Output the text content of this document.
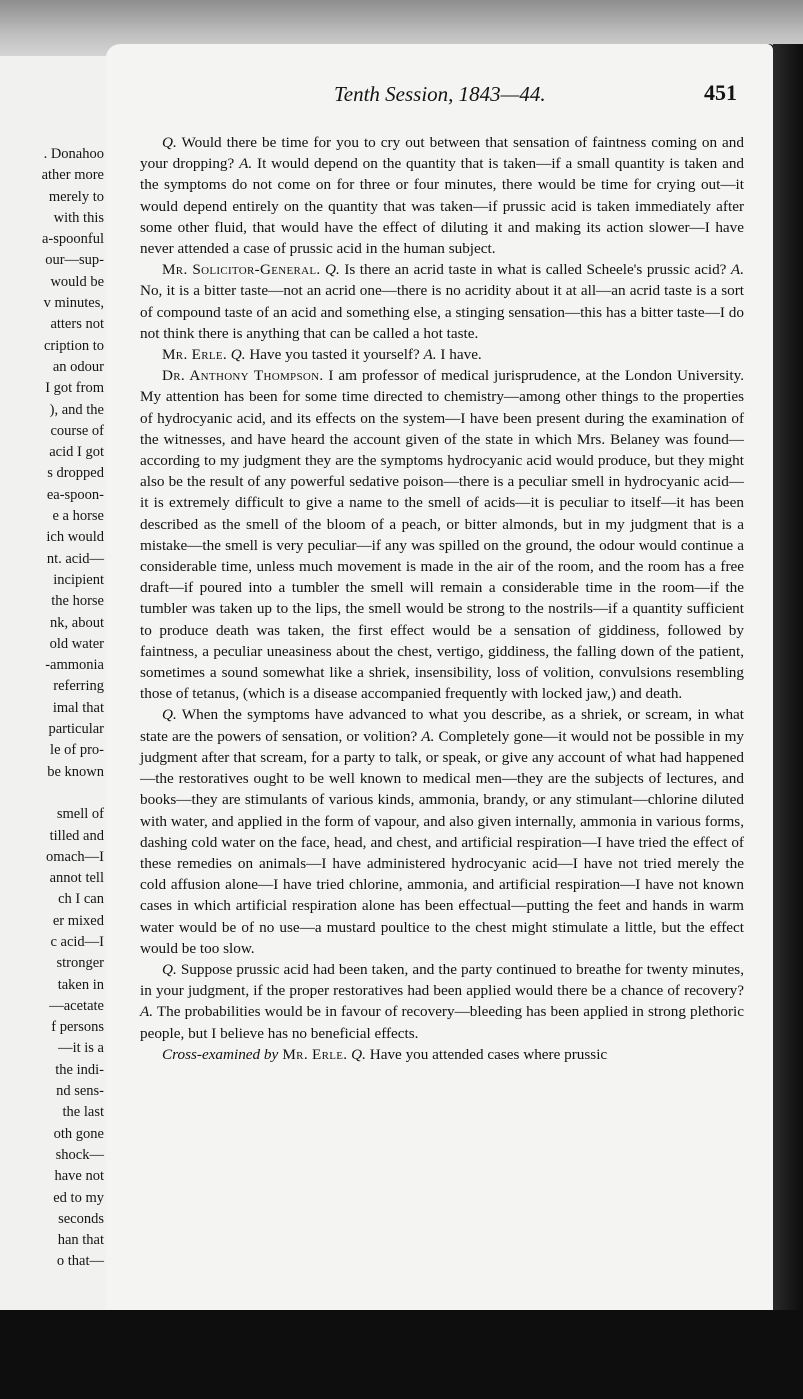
. Donahoo
ather more
merely to
with this
a-spoonful
our—sup-
would be
v minutes,
atters not
cription to
an odour
I got from
), and the
course of
acid I got
s dropped
ea-spoon-
e a horse
ich would
nt. acid—
incipient
the horse
nk, about
old water
-ammonia
referring
imal that
particular
le of pro-
be known
smell of
tilled and
omach—I
annot tell
ch I can
er mixed
c acid—I
stronger
taken in
—acetate
f persons
—it is a
the indi-
nd sens-
the last
oth gone
shock—
have not
ed to my
seconds
han that
o that—
Tenth Session, 1843—44.	451

Q. Would there be time for you to cry out between that sensation of faintness coming on and your dropping? A. It would depend on the quantity that is taken—if a small quantity is taken and the symptoms do not come on for three or four minutes, there would be time for crying out—it would depend entirely on the quantity that was taken—if prussic acid is taken immediately after some other fluid, that would have the effect of diluting it and making its action slower—I have never attended a case of prussic acid in the human subject.

Mr. Solicitor-General. Q. Is there an acrid taste in what is called Scheele's prussic acid? A. No, it is a bitter taste—not an acrid one—there is no acridity about it at all—an acrid taste is a sort of compound taste of an acid and something else, a stinging sensation—this has a bitter taste—I do not think there is anything that can be called a hot taste.

Mr. Erle. Q. Have you tasted it yourself? A. I have.

Dr. Anthony Thompson. I am professor of medical jurisprudence, at the London University. My attention has been for some time directed to chemistry—among other things to the properties of hydrocyanic acid, and its effects on the system—I have been present during the examination of the witnesses, and have heard the account given of the state in which Mrs. Belaney was found—according to my judgment they are the symptoms hydrocyanic acid would produce, but they might also be the result of any powerful sedative poison—there is a peculiar smell in hydrocyanic acid—it is extremely difficult to give a name to the smell of acids—it is peculiar to itself—it has been described as the smell of the bloom of a peach, or bitter almonds, but in my judgment that is a mistake—the smell is very peculiar—if any was spilled on the ground, the odour would continue a considerable time, unless much movement is made in the air of the room, and the room has a free draft—if poured into a tumbler the smell will remain a considerable time in the room—if the tumbler was taken up to the lips, the smell would be strong to the nostrils—if a quantity sufficient to produce death was taken, the first effect would be a sensation of giddiness, followed by faintness, a peculiar uneasiness about the chest, vertigo, giddiness, the falling down of the patient, sometimes a sound somewhat like a shriek, insensibility, loss of volition, convulsions resembling those of tetanus, (which is a disease accompanied frequently with locked jaw,) and death.

Q. When the symptoms have advanced to what you describe, as a shriek, or scream, in what state are the powers of sensation, or volition? A. Completely gone—it would not be possible in my judgment after that scream, for a party to talk, or speak, or give any account of what had happened—the restoratives ought to be well known to medical men—they are the subjects of lectures, and books—they are stimulants of various kinds, ammonia, brandy, or any stimulant—chlorine diluted with water, and applied in the form of vapour, and also given internally, ammonia in various forms, dashing cold water on the face, head, and chest, and artificial respiration—I have tried the effect of these remedies on animals—I have administered hydrocyanic acid—I have not tried merely the cold affusion alone—I have tried chlorine, ammonia, and artificial respiration—I have not known cases in which artificial respiration alone has been effectual—putting the feet and hands in warm water would be of no use—a mustard poultice to the chest might stimulate a little, but the effect would be too slow.

Q. Suppose prussic acid had been taken, and the party continued to breathe for twenty minutes, in your judgment, if the proper restoratives had been applied would there be a chance of recovery? A. The probabilities would be in favour of recovery—bleeding has been applied in strong plethoric people, but I believe has no beneficial effects.

Cross-examined by Mr. Erle. Q. Have you attended cases where prussic
